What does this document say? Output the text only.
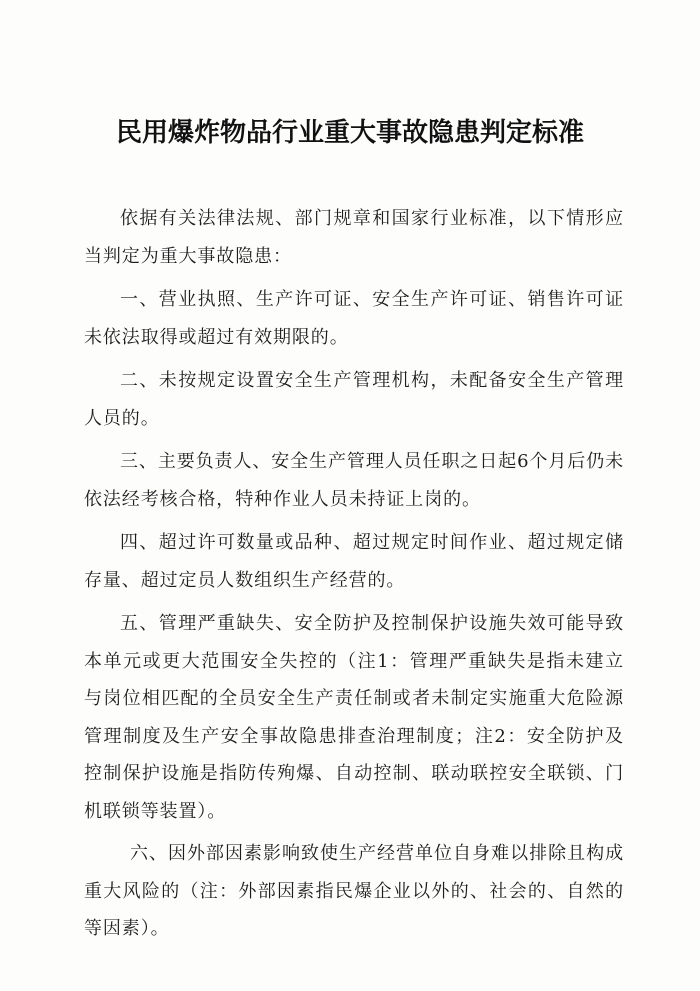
民用爆炸物品行业重大事故隐患判定标准

依据有关法律法规、部门规章和国家行业标准，以下情形应当判定为重大事故隐患：

一、营业执照、生产许可证、安全生产许可证、销售许可证未依法取得或超过有效期限的。

二、未按规定设置安全生产管理机构，未配备安全生产管理人员的。

三、主要负责人、安全生产管理人员任职之日起6个月后仍未依法经考核合格，特种作业人员未持证上岗的。

四、超过许可数量或品种、超过规定时间作业、超过规定储存量、超过定员人数组织生产经营的。

五、管理严重缺失、安全防护及控制保护设施失效可能导致本单元或更大范围安全失控的（注1：管理严重缺失是指未建立与岗位相匹配的全员安全生产责任制或者未制定实施重大危险源管理制度及生产安全事故隐患排查治理制度；注2：安全防护及控制保护设施是指防传殉爆、自动控制、联动联控安全联锁、门机联锁等装置）。

六、因外部因素影响致使生产经营单位自身难以排除且构成重大风险的（注：外部因素指民爆企业以外的、社会的、自然的等因素）。
